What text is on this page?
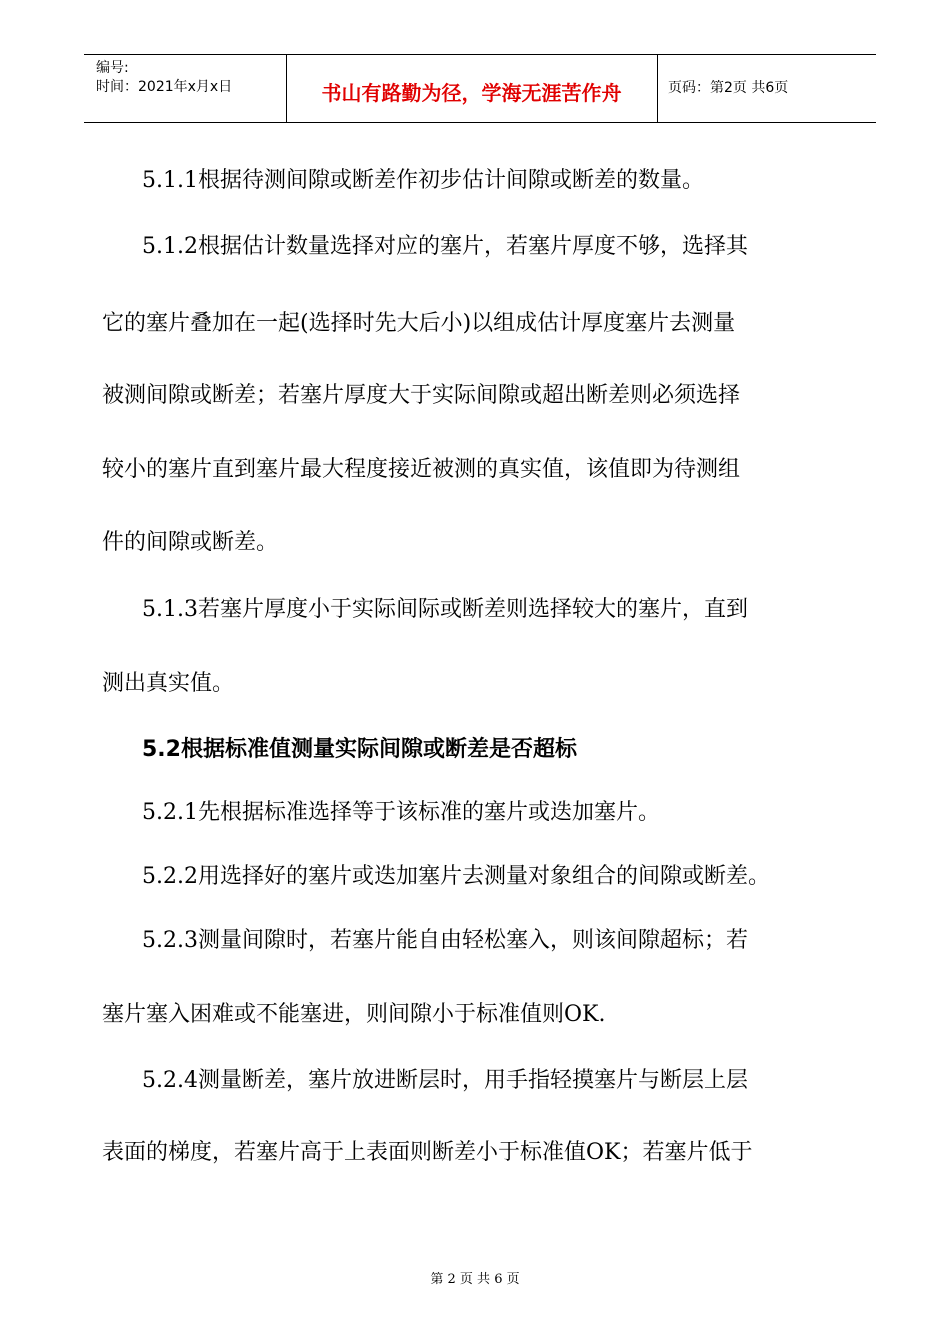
编号:
时间：2021年x月x日	书山有路勤为径，学海无涯苦作舟	页码：第2页 共6页
5.1.1根据待测间隙或断差作初步估计间隙或断差的数量。
5.1.2根据估计数量选择对应的塞片，若塞片厚度不够，选择其
它的塞片叠加在一起(选择时先大后小)以组成估计厚度塞片去测量
被测间隙或断差；若塞片厚度大于实际间隙或超出断差则必须选择
较小的塞片直到塞片最大程度接近被测的真实值，该值即为待测组
件的间隙或断差。
5.1.3若塞片厚度小于实际间际或断差则选择较大的塞片，直到
测出真实值。
5.2根据标准值测量实际间隙或断差是否超标
5.2.1先根据标准选择等于该标准的塞片或迭加塞片。
5.2.2用选择好的塞片或迭加塞片去测量对象组合的间隙或断差。
5.2.3测量间隙时，若塞片能自由轻松塞入，则该间隙超标；若
塞片塞入困难或不能塞进，则间隙小于标准值则OK.
5.2.4测量断差，塞片放进断层时，用手指轻摸塞片与断层上层
表面的梯度，若塞片高于上表面则断差小于标准值OK；若塞片低于
第 2 页 共 6 页
